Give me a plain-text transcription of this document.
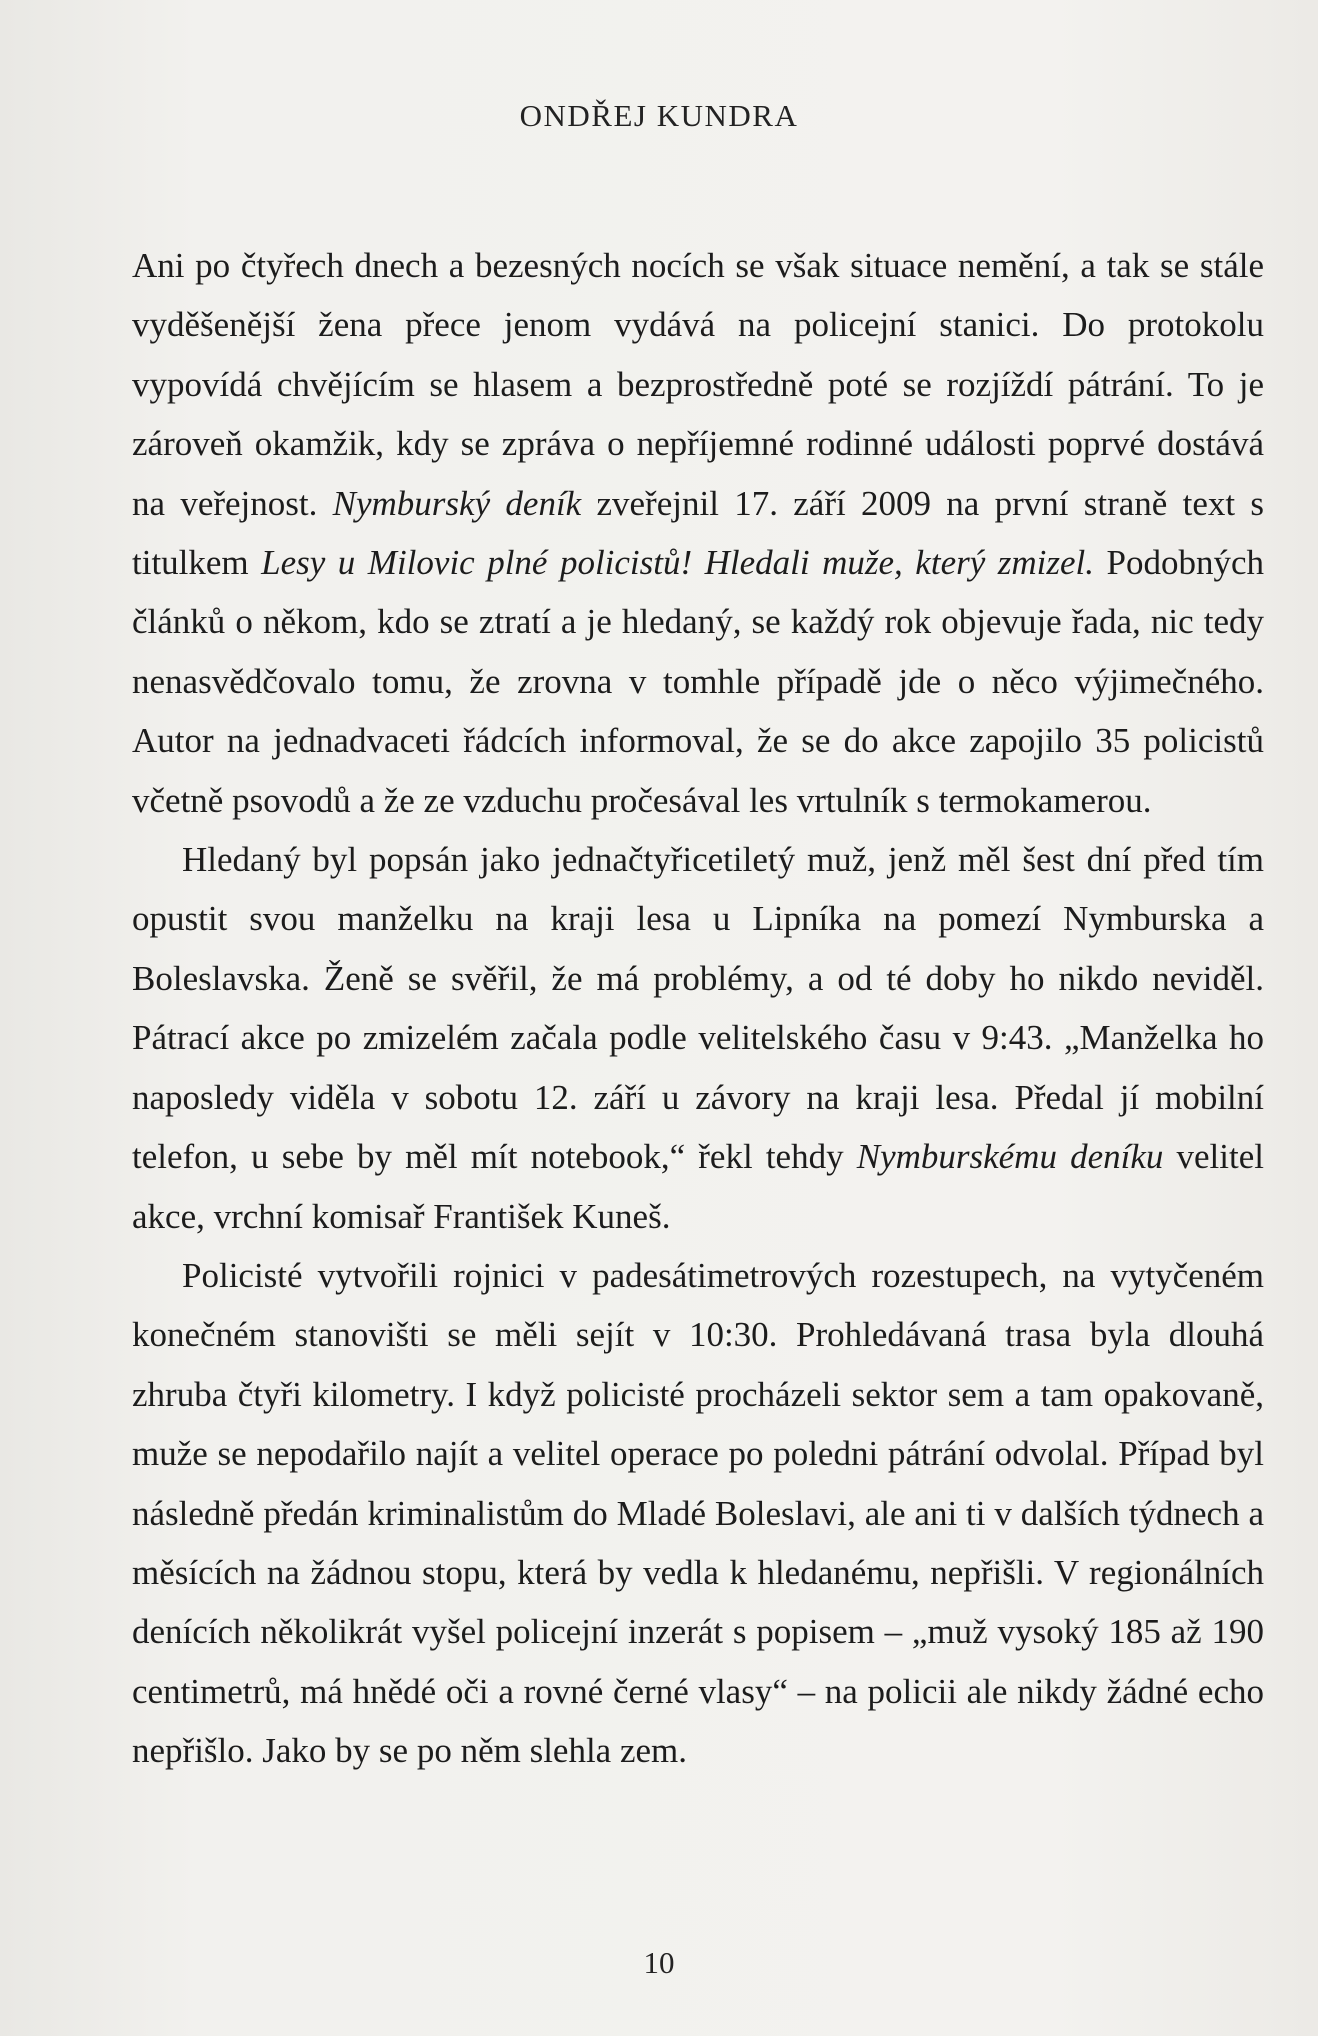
ONDŘEJ KUNDRA

Ani po čtyřech dnech a bezesných nocích se však situace nemění, a tak se stále vyděšenější žena přece jenom vydává na policejní stanici. Do protokolu vypovídá chvějícím se hlasem a bezprostředně poté se rozjíždí pátrání. To je zároveň okamžik, kdy se zpráva o nepříjemné rodinné události poprvé dostává na veřejnost. Nymburský deník zveřejnil 17. září 2009 na první straně text s titulkem Lesy u Milovic plné policistů! Hledali muže, který zmizel. Podobných článků o někom, kdo se ztratí a je hledaný, se každý rok objevuje řada, nic tedy nenasvědčovalo tomu, že zrovna v tomhle případě jde o něco výjimečného. Autor na jednadvaceti řádcích informoval, že se do akce zapojilo 35 policistů včetně psovodů a že ze vzduchu pročesával les vrtulník s termokamerou.

Hledaný byl popsán jako jednačtyřicetiletý muž, jenž měl šest dní před tím opustit svou manželku na kraji lesa u Lipníka na pomezí Nymburska a Boleslavska. Ženě se svěřil, že má problémy, a od té doby ho nikdo neviděl. Pátrací akce po zmizelém začala podle velitelského času v 9:43. „Manželka ho naposledy viděla v sobotu 12. září u závory na kraji lesa. Předal jí mobilní telefon, u sebe by měl mít notebook,“ řekl tehdy Nymburskému deníku velitel akce, vrchní komisař František Kuneš.

Policisté vytvořili rojnici v padesátimetrových rozestupech, na vytyčeném konečném stanovišti se měli sejít v 10:30. Prohledávaná trasa byla dlouhá zhruba čtyři kilometry. I když policisté procházeli sektor sem a tam opakovaně, muže se nepodařilo najít a velitel operace po poledni pátrání odvolal. Případ byl následně předán kriminalistům do Mladé Boleslavi, ale ani ti v dalších týdnech a měsících na žádnou stopu, která by vedla k hledanému, nepřišli. V regionálních denících několikrát vyšel policejní inzerát s popisem – „muž vysoký 185 až 190 centimetrů, má hnědé oči a rovné černé vlasy“ – na policii ale nikdy žádné echo nepřišlo. Jako by se po něm slehla zem.

10
